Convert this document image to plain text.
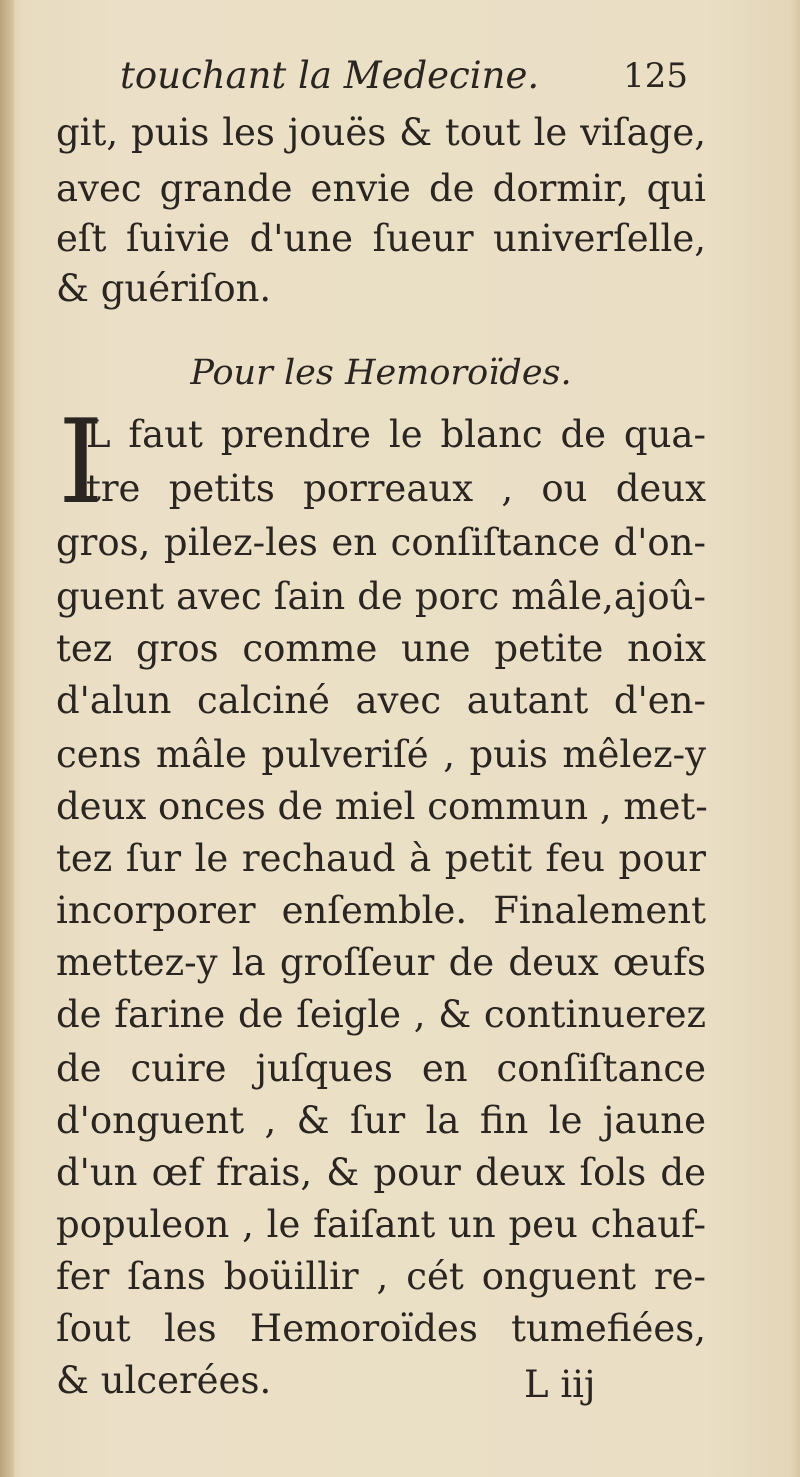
touchant la Medecine. 125
git, puis les jouës & tout le viſage,
avec grande envie de dormir, qui
eſt ſuivie d'une ſueur univerſelle,
& guériſon.
Pour les Hemoroïdes.
I
L faut prendre le blanc de qua-
tre petits porreaux , ou deux
gros, pilez-les en conſiſtance d'on-
guent avec ſain de porc mâle,ajoû-
tez gros comme une petite noix
d'alun calciné avec autant d'en-
cens mâle pulveriſé , puis mêlez-y
deux onces de miel commun , met-
tez ſur le rechaud à petit feu pour
incorporer enſemble. Finalement
mettez-y la groſſeur de deux œufs
de farine de ſeigle , & continuerez
de cuire juſques en conſiſtance
d'onguent , & ſur la fin le jaune
d'un œf frais, & pour deux ſols de
populeon , le faiſant un peu chauf-
fer ſans boüillir , cét onguent re-
ſout les Hemoroïdes tumefiées,
& ulcerées.	L iij
